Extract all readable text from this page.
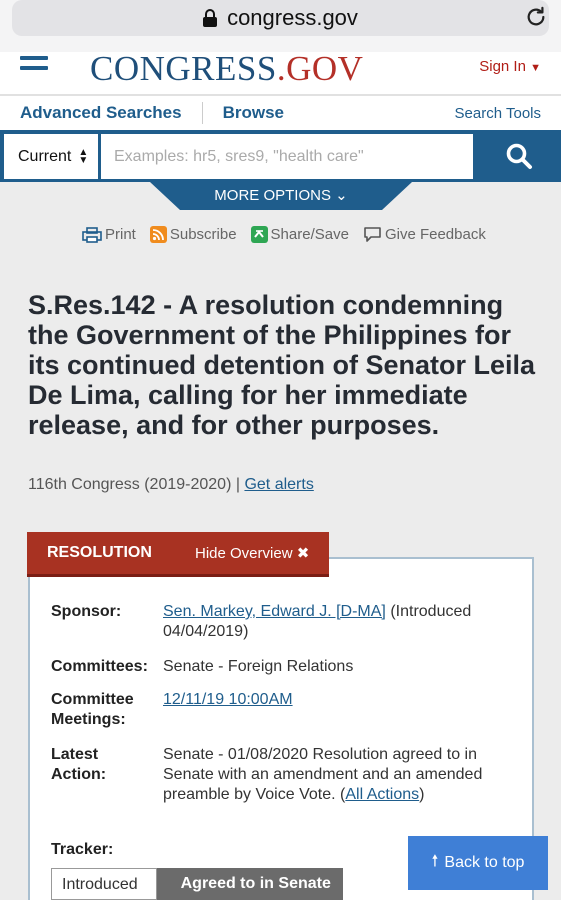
congress.gov
CONGRESS.GOV	Sign In ▼
Advanced Searches	Browse	Search Tools
Current ▲
▼
Examples: hr5, sres9, "health care"
MORE OPTIONS ⌄
Print Subscribe Share/Save Give Feedback
S.Res.142 - A resolution condemning the Government of the Philippines for its continued detention of Senator Leila De Lima, calling for her immediate release, and for other purposes.
116th Congress (2019-2020) | Get alerts
RESOLUTION	Hide Overview ✖
Sponsor:	Sen. Markey, Edward J. [D-MA] (Introduced 04/04/2019)
Committees: Senate - Foreign Relations
Committee
Meetings:
12/11/19 10:00AM
Latest
Action:
Senate - 01/08/2020 Resolution agreed to in Senate with an amendment and an amended preamble by Voice Vote. (All Actions)
Tracker:
Introduced	Agreed to in Senate
🠕 Back to top
